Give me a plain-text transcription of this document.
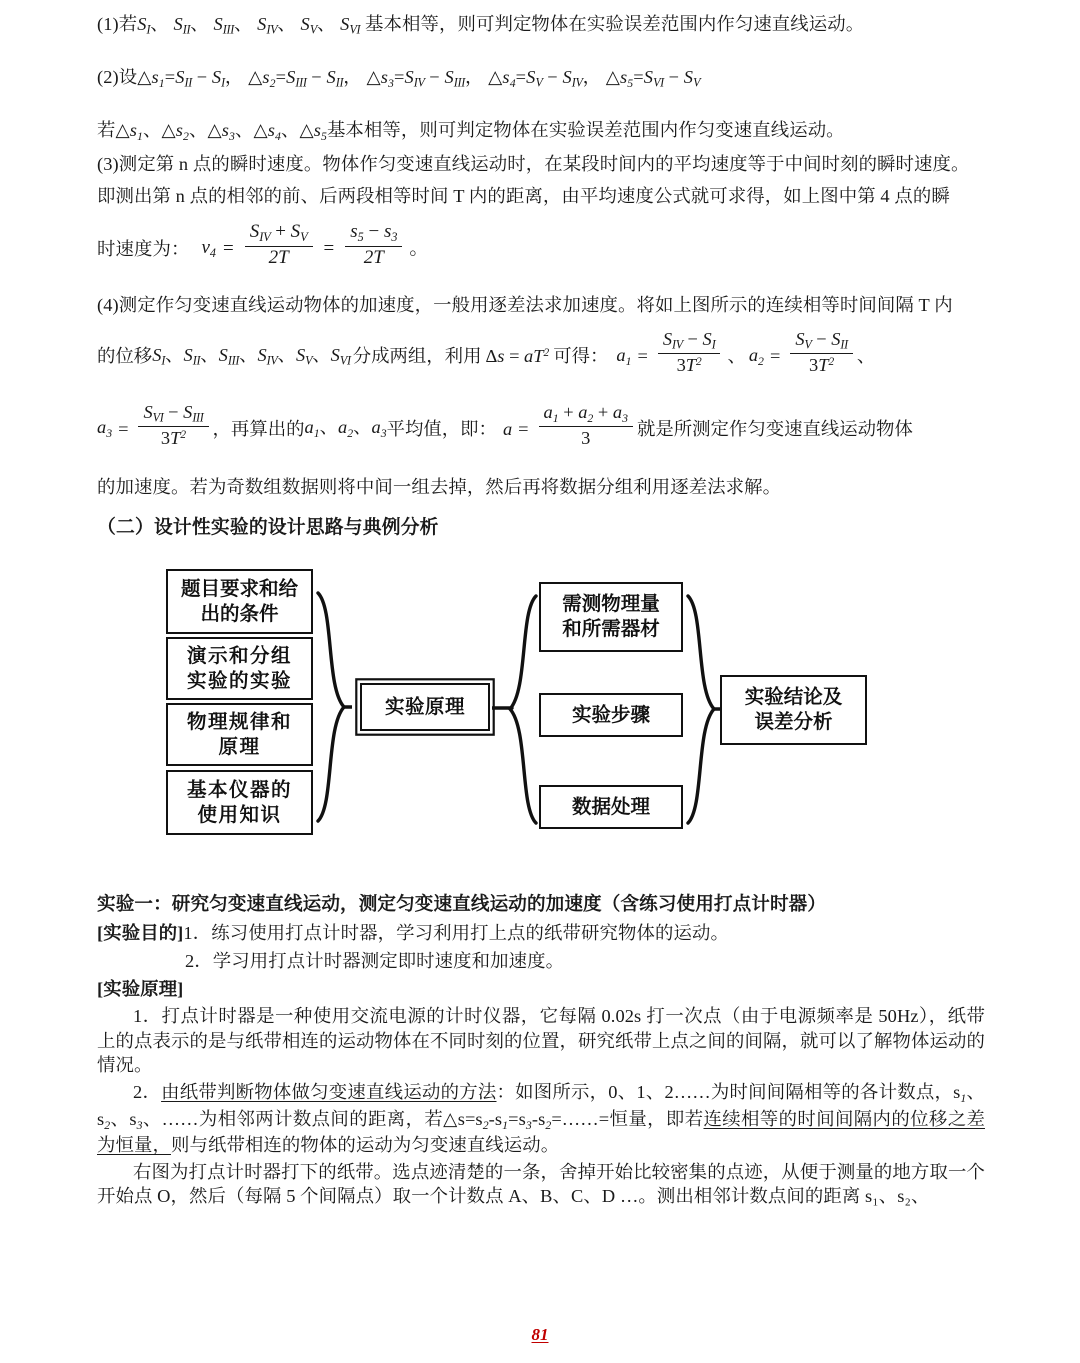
(1)若SI、 SII、 SIII、 SIV、 SV、 SVI 基本相等，则可判定物体在实验误差范围内作匀速直线运动。
(2)设$\triangle s_1=SII$ − SI， $\triangle s_2=SIII$ − SII， $\triangle s_3=SIV$ − SIII， $\triangle s_4=SV$ − SIV， $\triangle s_5=SVI$ − SV
若$\triangle s_1$、$\triangle s_2$、$\triangle s_3$、$\triangle s_4$、$\triangle s_5$基本相等，则可判定物体在实验误差范围内作匀变速直线运动。
(3)测定第 n 点的瞬时速度。物体作匀变速直线运动时，在某段时间内的平均速度等于中间时刻的瞬时速度。
即测出第 n 点的相邻的前、后两段相等时间 T 内的距离，由平均速度公式就可求得，如上图中第 4 点的瞬
时速度为： $v_4 = \frac{\text{SIV + SV}}{2T} = \frac{s_5 - s_3}{2T}$ 。
(4)测定作匀变速直线运动物体的加速度，一般用逐差法求加速度。将如上图所示的连续相等时间间隔 T 内
的位移 SI、SII、SIII、SIV、SV、SVI 分成两组，利用 $\Delta s = aT^2$ 可得： $a_1 = \frac{\text{SIV − SI}}{3T^2}$ 、 $a_2 = \frac{\text{SV − SII}}{3T^2}$ 、
$a_3 = \frac{\text{SVI − SIII}}{3T^2}$ ，再算出的 $a_1$、$a_2$、$a_3$ 平均值，即： $a = \frac{a_1 + a_2 + a_3}{3}$ 就是所测定作匀变速直线运动物体
的加速度。若为奇数组数据则将中间一组去掉，然后再将数据分组利用逐差法求解。
（二）设计性实验的设计思路与典例分析
题目要求和给
出的条件
演示和分组
实验的实验
物理规律和
原理
基本仪器的
使用知识
实验原理
需测物理量
和所需器材
实验步骤
数据处理
实验结论及
误差分析
实验一：研究匀变速直线运动，测定匀变速直线运动的加速度（含练习使用打点计时器）
[实验目的]1．练习使用打点计时器，学习利用打上点的纸带研究物体的运动。
2．学习用打点计时器测定即时速度和加速度。
[实验原理]
1．打点计时器是一种使用交流电源的计时仪器，它每隔 0.02s 打一次点（由于电源频率是 50Hz），纸带上的点表示的是与纸带相连的运动物体在不同时刻的位置，研究纸带上点之间的间隔，就可以了解物体运动的情况。
2．由纸带判断物体做匀变速直线运动的方法：如图所示，0、1、2……为时间间隔相等的各计数点，$s_1$、$s_2$、$s_3$、……为相邻两计数点间的距离，若$\triangle s=s_2-s_1=s_3-s_2=\dots\dots=$恒量，即若连续相等的时间间隔内的位移之差为恒量，则与纸带相连的物体的运动为匀变速直线运动。
右图为打点计时器打下的纸带。选点迹清楚的一条，舍掉开始比较密集的点迹，从便于测量的地方取一个开始点 O，然后（每隔 5 个间隔点）取一个计数点 A、B、C、D …。测出相邻计数点间的距离 s₁、s₂、
81
